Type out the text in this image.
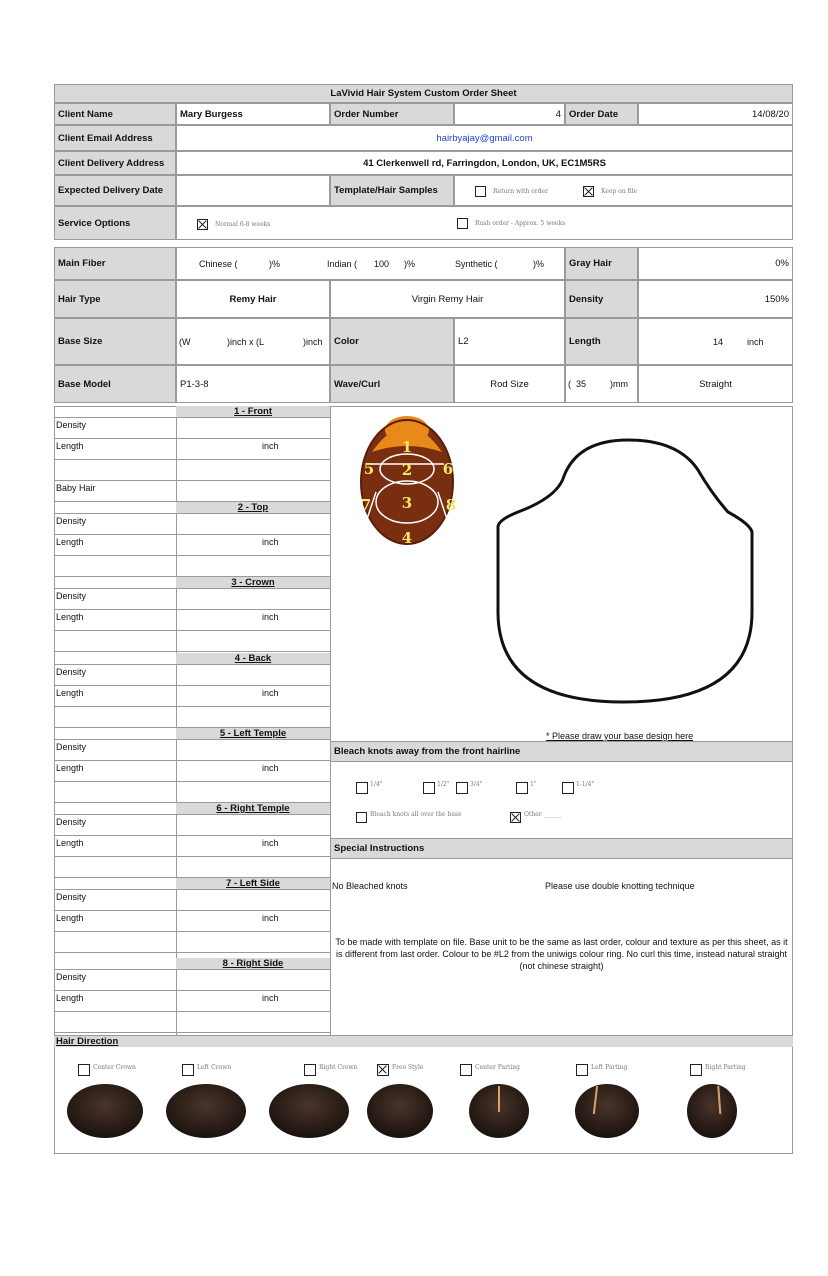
LaVivid Hair System Custom Order Sheet
Client Name	Mary Burgess	Order Number	4 Order Date	14/08/20
Client Email Address	hairbyajay@gmail.com
Client Delivery Address	41 Clerkenwell rd, Farringdon, London, UK, EC1M5RS
Expected Delivery Date	Template/Hair Samples	Return with order	Keep on file
Service Options	Normal 6-8 weeks	Rush order - Approx. 5 weeks
Main Fiber	Chinese (	)%	Indian ( 100 )%	Synthetic (	)%	Gray Hair	0%
Hair Type	Remy Hair	Virgin Remy Hair	Density	150%
Base Size	(W	)inch x (L	)inch	Color	L2	Length	14	inch
Base Model	P1-3-8	Wave/Curl	Rod Size	( 35	)mm	Straight
1 - Front
Density
Length	inch
Baby Hair
2 - Top
Density
Length	inch
3 - Crown
Density
Length	inch
4 - Back
Density
Length	inch
5 - Left Temple
Density
Length	inch
6 - Right Temple
Density
Length	inch
7 - Left Side
Density
Length	inch
8 - Right Side
Density
Length	inch
1
2
3
4
5	6
7	8
* Please draw your base design here
Bleach knots away from the front hairline
1/4"	1/2"	3/4"	1"	1-1/4"
Bleach knots all over the base	Other ______
Special Instructions
No Bleached knots	Please use double knotting technique
To be made with template on file. Base unit to be the same as last order, colour and texture as per this sheet, as it is different from last order. Colour to be #L2 from the uniwigs colour ring. No curl this time, instead natural straight (not chinese straight)
Hair Direction
Center Crown	Left Crown	Right Crown	Free Style	Center Parting	Left Parting	Right Parting
